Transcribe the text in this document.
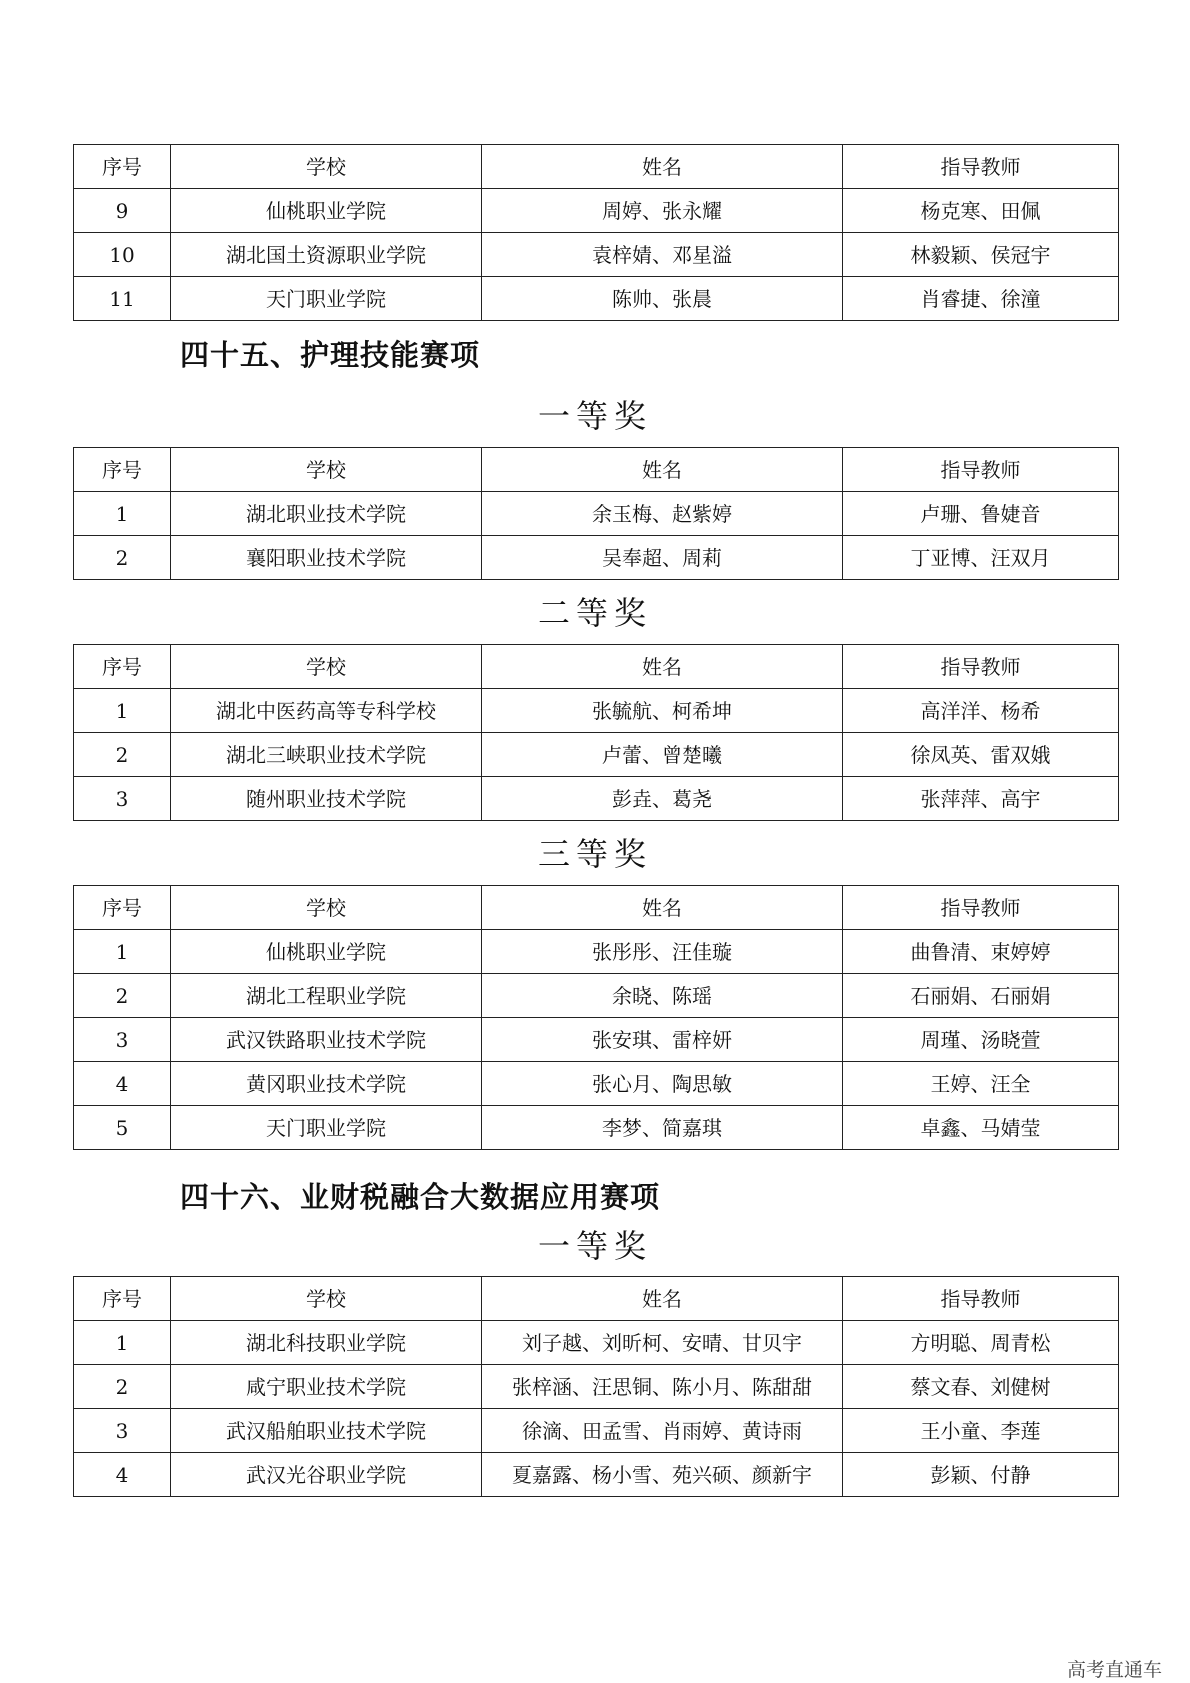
序号	学校	姓名	指导教师
9	仙桃职业学院	周婷、张永耀	杨克寒、田佩
10	湖北国土资源职业学院	袁梓婧、邓星溢	林毅颖、侯冠宇
11	天门职业学院	陈帅、张晨	肖睿捷、徐潼
四十五、护理技能赛项
一等奖
序号	学校	姓名	指导教师
1	湖北职业技术学院	余玉梅、赵紫婷	卢珊、鲁婕音
2	襄阳职业技术学院	吴奉超、周莉	丁亚博、汪双月
二等奖
序号	学校	姓名	指导教师
1	湖北中医药高等专科学校	张毓航、柯希坤	高洋洋、杨希
2	湖北三峡职业技术学院	卢蕾、曾楚曦	徐凤英、雷双娥
3	随州职业技术学院	彭垚、葛尧	张萍萍、高宇
三等奖
序号	学校	姓名	指导教师
1	仙桃职业学院	张彤彤、汪佳璇	曲鲁清、束婷婷
2	湖北工程职业学院	余晓、陈瑶	石丽娟、石丽娟
3	武汉铁路职业技术学院	张安琪、雷梓妍	周瑾、汤晓萱
4	黄冈职业技术学院	张心月、陶思敏	王婷、汪全
5	天门职业学院	李梦、简嘉琪	卓鑫、马婧莹
四十六、业财税融合大数据应用赛项
一等奖
序号	学校	姓名	指导教师
1	湖北科技职业学院	刘子越、刘昕柯、安晴、甘贝宇	方明聪、周青松
2	咸宁职业技术学院	张梓涵、汪思铜、陈小月、陈甜甜	蔡文春、刘健树
3	武汉船舶职业技术学院	徐滴、田孟雪、肖雨婷、黄诗雨	王小童、李莲
4	武汉光谷职业学院	夏嘉露、杨小雪、苑兴硕、颜新宇	彭颖、付静
高考直通车
